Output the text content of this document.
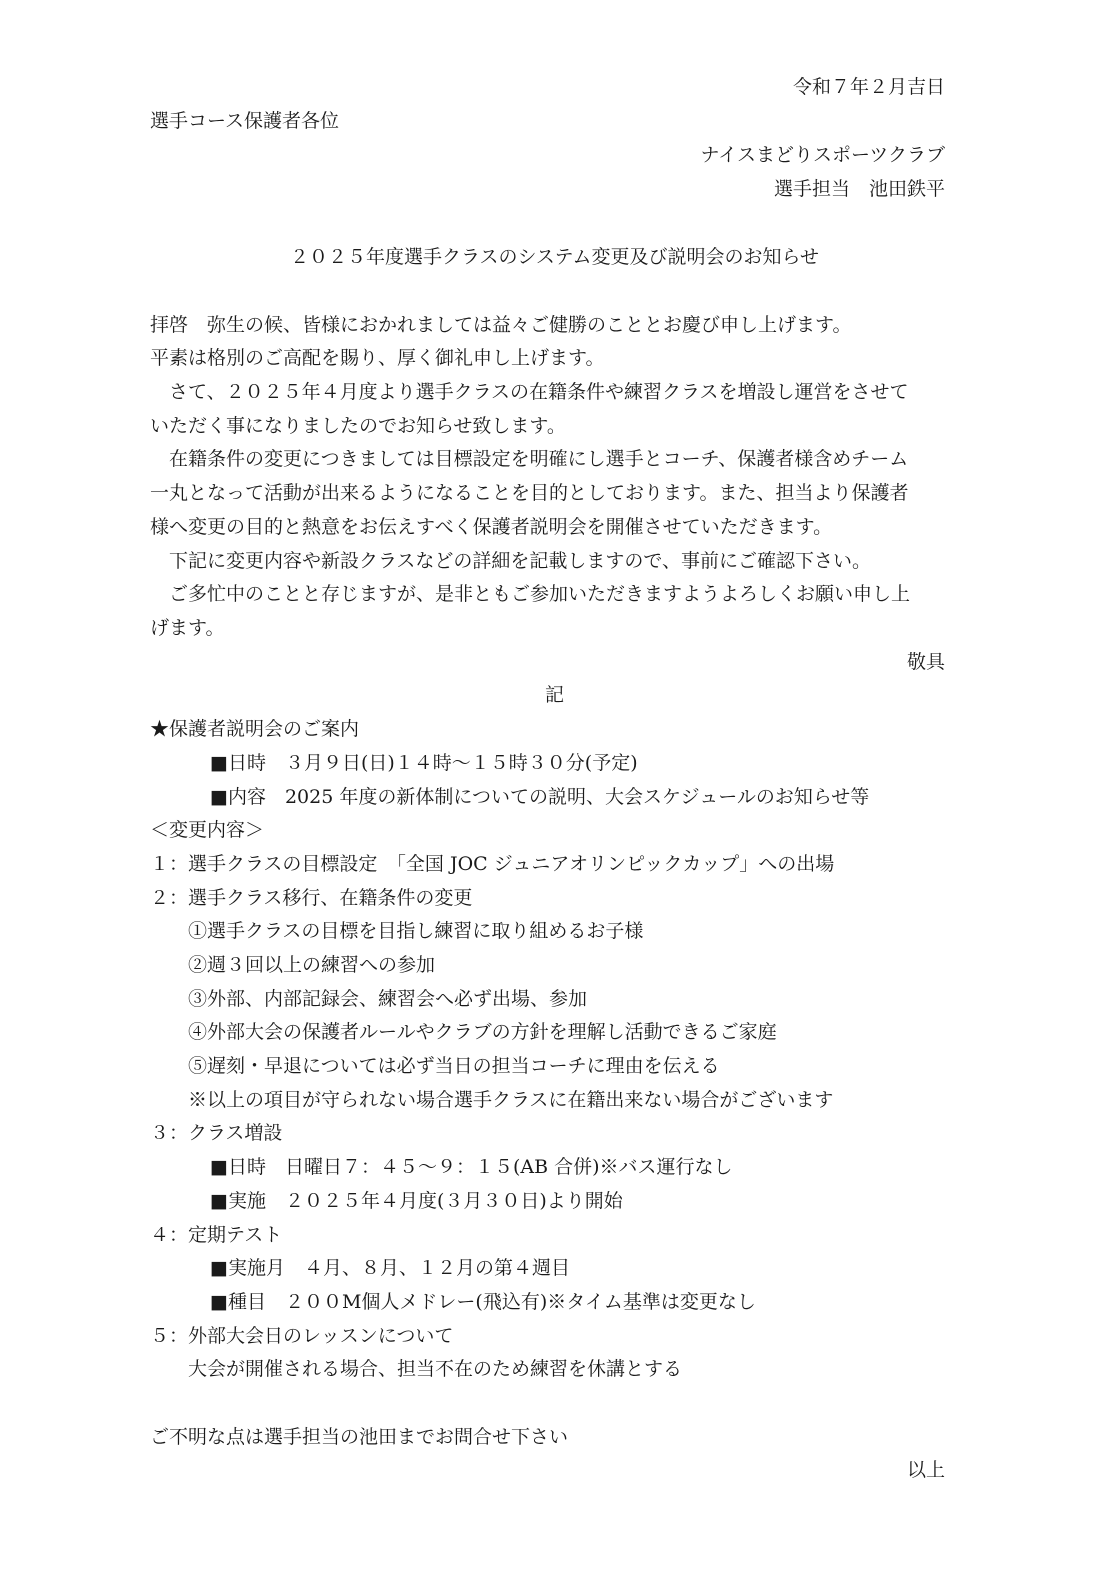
令和７年２月吉日
選手コース保護者各位
ナイスまどりスポーツクラブ
選手担当　池田鉄平
２０２５年度選手クラスのシステム変更及び説明会のお知らせ
拝啓　弥生の候、皆様におかれましては益々ご健勝のこととお慶び申し上げます。
平素は格別のご高配を賜り、厚く御礼申し上げます。
　さて、２０２５年４月度より選手クラスの在籍条件や練習クラスを増設し運営をさせて
いただく事になりましたのでお知らせ致します。
　在籍条件の変更につきましては目標設定を明確にし選手とコーチ、保護者様含めチーム
一丸となって活動が出来るようになることを目的としております。また、担当より保護者
様へ変更の目的と熱意をお伝えすべく保護者説明会を開催させていただきます。
　下記に変更内容や新設クラスなどの詳細を記載しますので、事前にご確認下さい。
　ご多忙中のことと存じますが、是非ともご参加いただきますようよろしくお願い申し上
げます。
敬具
記
★保護者説明会のご案内
■日時　３月９日(日)１４時～１５時３０分(予定)
■内容　2025 年度の新体制についての説明、大会スケジュールのお知らせ等
＜変更内容＞
１：選手クラスの目標設定　「全国 JOC ジュニアオリンピックカップ」への出場
２：選手クラス移行、在籍条件の変更
①選手クラスの目標を目指し練習に取り組めるお子様
②週３回以上の練習への参加
③外部、内部記録会、練習会へ必ず出場、参加
④外部大会の保護者ルールやクラブの方針を理解し活動できるご家庭
⑤遅刻・早退については必ず当日の担当コーチに理由を伝える
※以上の項目が守られない場合選手クラスに在籍出来ない場合がございます
３：クラス増設
■日時　日曜日７：４５～９：１５(AB 合併)※バス運行なし
■実施　２０２５年４月度(３月３０日)より開始
４：定期テスト
■実施月　４月、８月、１２月の第４週目
■種目　２００M個人メドレー(飛込有)※タイム基準は変更なし
５：外部大会日のレッスンについて
大会が開催される場合、担当不在のため練習を休講とする
ご不明な点は選手担当の池田までお問合せ下さい
以上
